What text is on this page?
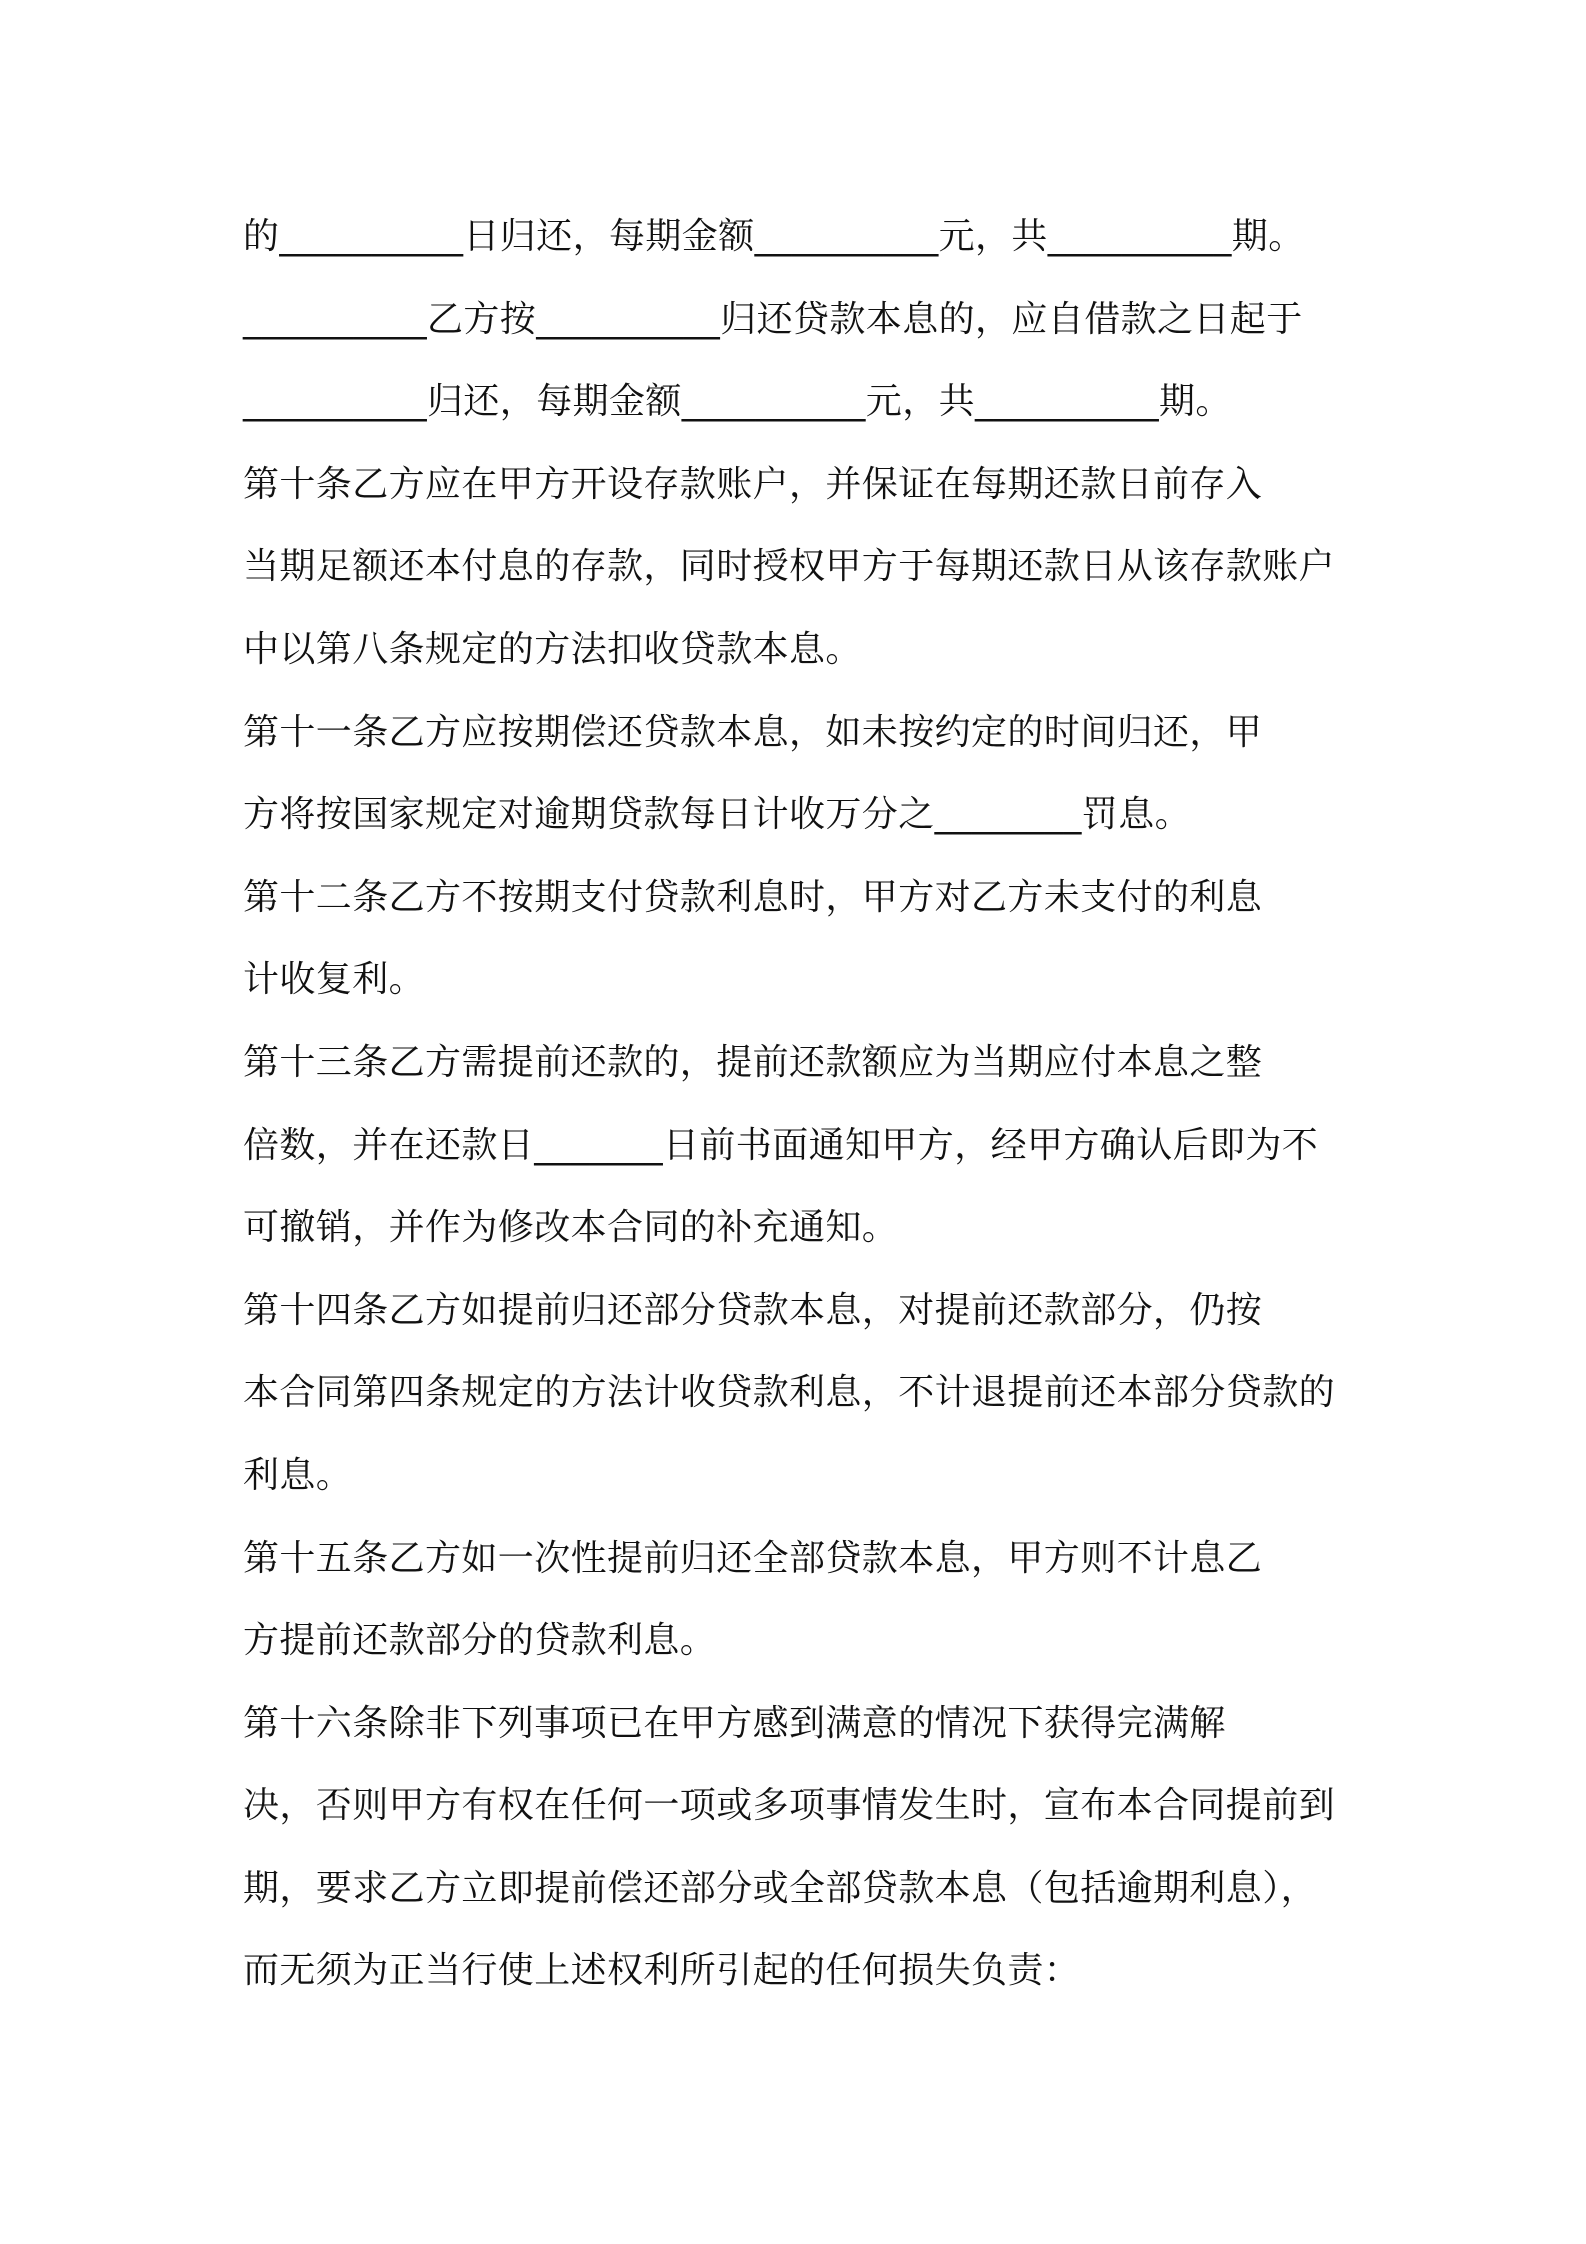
的__________日归还，每期金额__________元，共__________期。
__________乙方按__________归还贷款本息的，应自借款之日起于
__________归还，每期金额__________元，共__________期。
第十条乙方应在甲方开设存款账户，并保证在每期还款日前存入
当期足额还本付息的存款，同时授权甲方于每期还款日从该存款账户
中以第八条规定的方法扣收贷款本息。
第十一条乙方应按期偿还贷款本息，如未按约定的时间归还，甲
方将按国家规定对逾期贷款每日计收万分之________罚息。
第十二条乙方不按期支付贷款利息时，甲方对乙方未支付的利息
计收复利。
第十三条乙方需提前还款的，提前还款额应为当期应付本息之整
倍数，并在还款日_______日前书面通知甲方，经甲方确认后即为不
可撤销，并作为修改本合同的补充通知。
第十四条乙方如提前归还部分贷款本息，对提前还款部分，仍按
本合同第四条规定的方法计收贷款利息，不计退提前还本部分贷款的
利息。
第十五条乙方如一次性提前归还全部贷款本息，甲方则不计息乙
方提前还款部分的贷款利息。
第十六条除非下列事项已在甲方感到满意的情况下获得完满解
决，否则甲方有权在任何一项或多项事情发生时，宣布本合同提前到
期，要求乙方立即提前偿还部分或全部贷款本息（包括逾期利息），
而无须为正当行使上述权利所引起的任何损失负责：
